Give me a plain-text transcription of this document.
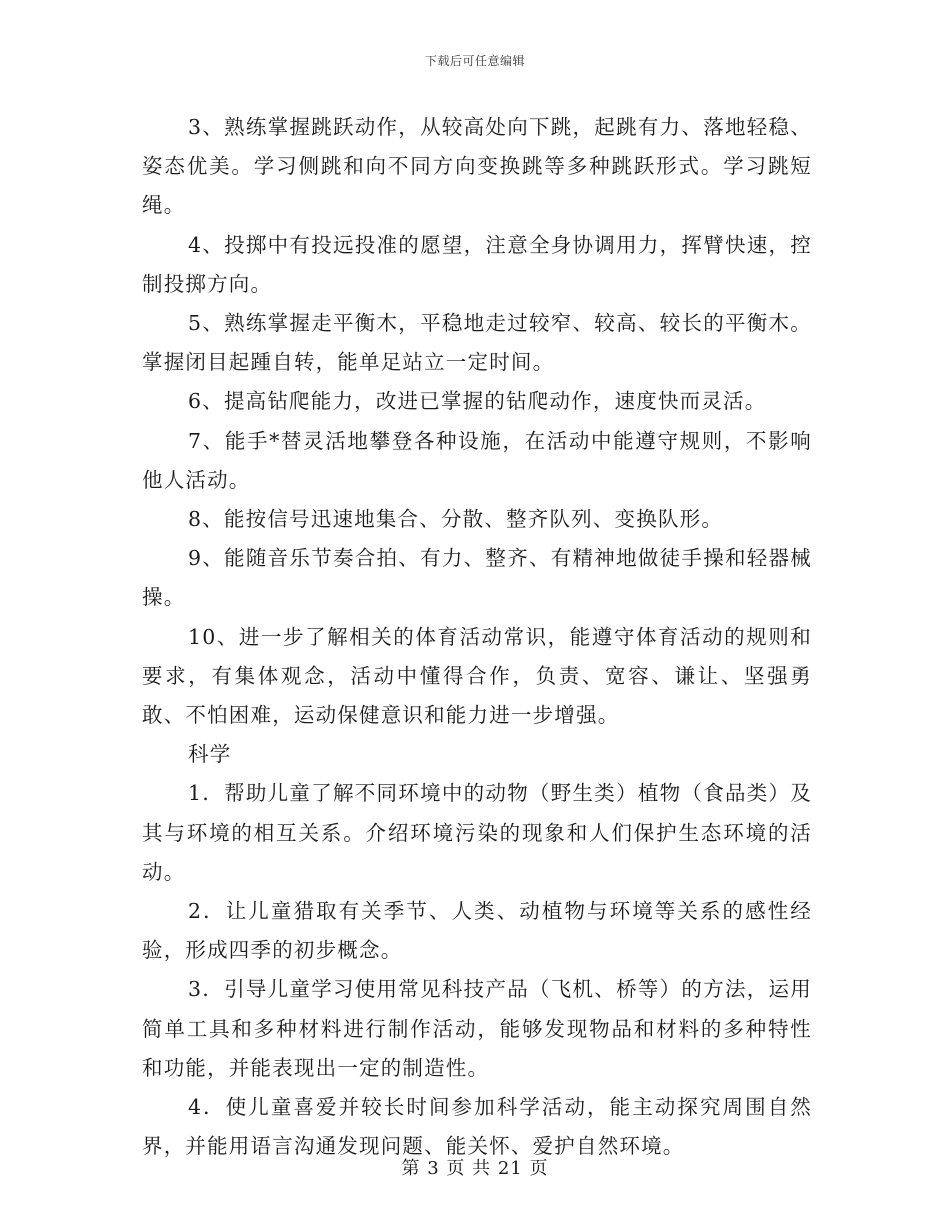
下载后可任意编辑

3、熟练掌握跳跃动作，从较高处向下跳，起跳有力、落地轻稳、姿态优美。学习侧跳和向不同方向变换跳等多种跳跃形式。学习跳短绳。

4、投掷中有投远投准的愿望，注意全身协调用力，挥臂快速，控制投掷方向。

5、熟练掌握走平衡木，平稳地走过较窄、较高、较长的平衡木。掌握闭目起踵自转，能单足站立一定时间。

6、提高钻爬能力，改进已掌握的钻爬动作，速度快而灵活。

7、能手*替灵活地攀登各种设施，在活动中能遵守规则，不影响他人活动。

8、能按信号迅速地集合、分散、整齐队列、变换队形。

9、能随音乐节奏合拍、有力、整齐、有精神地做徒手操和轻器械操。

10、进一步了解相关的体育活动常识，能遵守体育活动的规则和要求，有集体观念，活动中懂得合作，负责、宽容、谦让、坚强勇敢、不怕困难，运动保健意识和能力进一步增强。

科学

1．帮助儿童了解不同环境中的动物（野生类）植物（食品类）及其与环境的相互关系。介绍环境污染的现象和人们保护生态环境的活动。

2．让儿童猎取有关季节、人类、动植物与环境等关系的感性经验，形成四季的初步概念。

3．引导儿童学习使用常见科技产品（飞机、桥等）的方法，运用简单工具和多种材料进行制作活动，能够发现物品和材料的多种特性和功能，并能表现出一定的制造性。

4．使儿童喜爱并较长时间参加科学活动，能主动探究周围自然界，并能用语言沟通发现问题、能关怀、爱护自然环境。

第 3 页 共 21 页
